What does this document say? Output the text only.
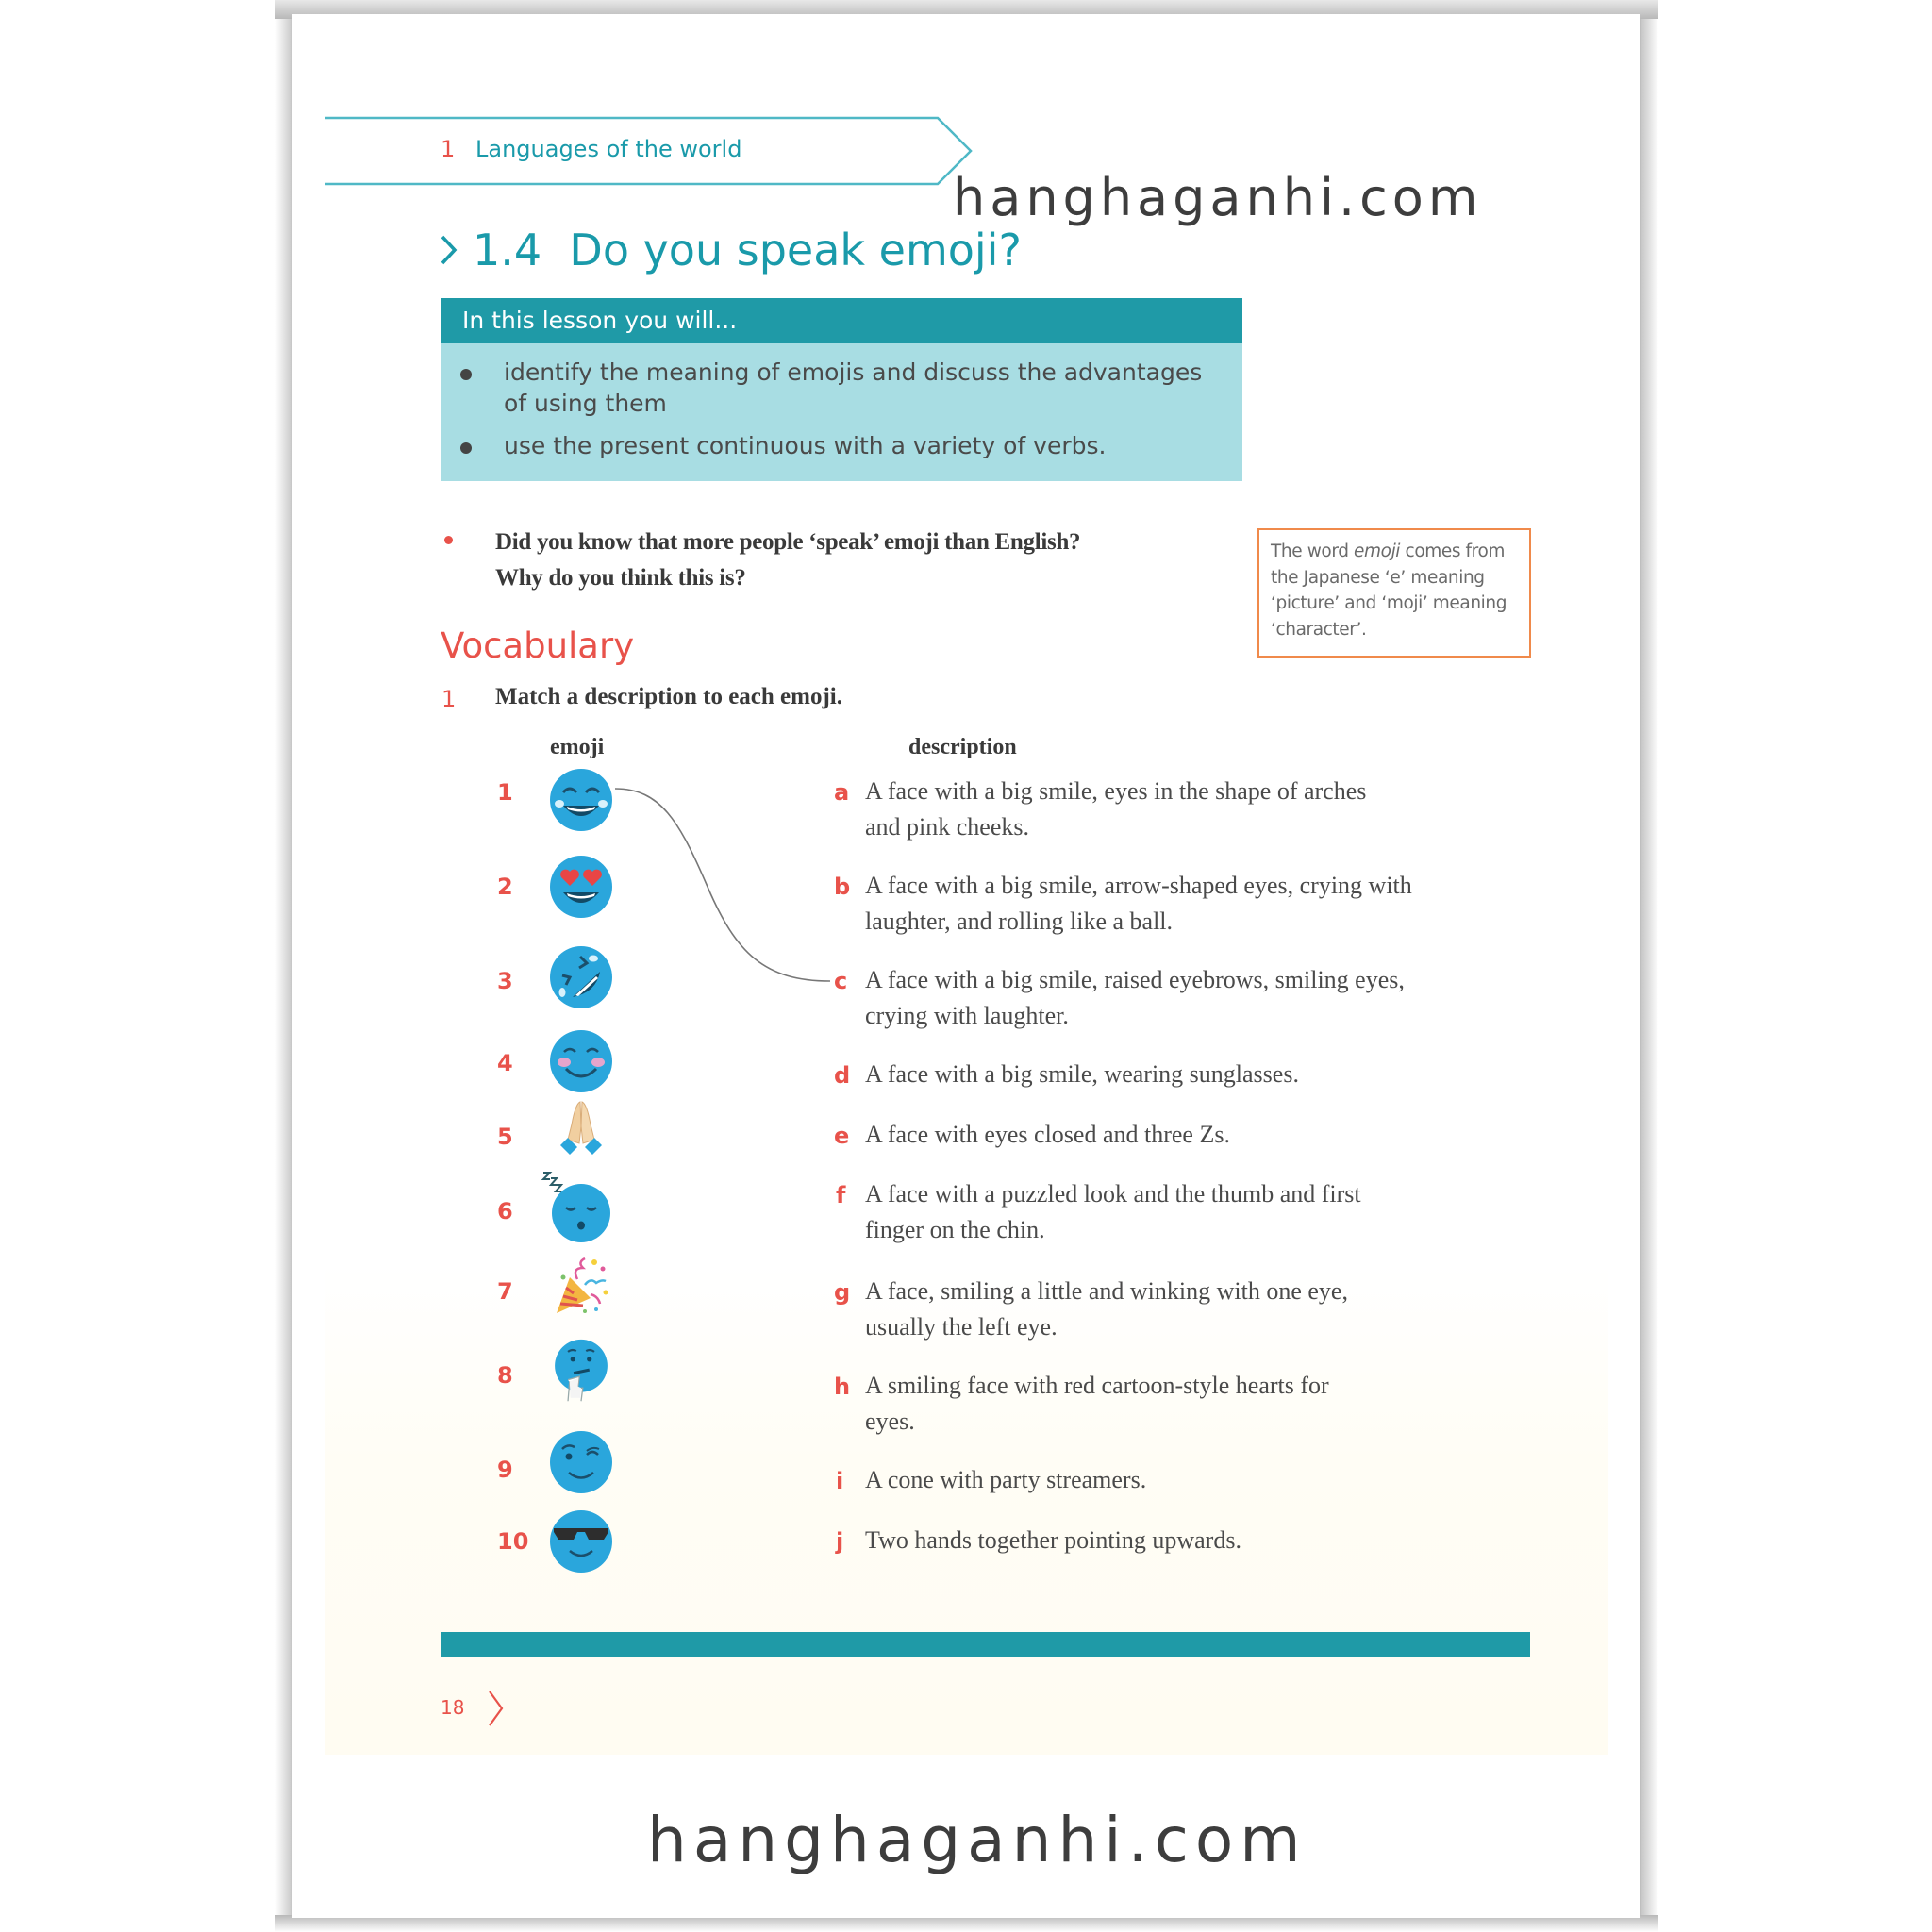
1 Languages of the world
1.4  Do you speak emoji?
In this lesson you will...
identify the meaning of emojis and discuss the advantages of using them
use the present continuous with a variety of verbs.
Did you know that more people ‘speak’ emoji than English?
Why do you think this is?
The word emoji comes from the Japanese ‘e’ meaning ‘picture’ and ‘moji’ meaning ‘character’.
Vocabulary
1 Match a description to each emoji.
emoji	description
1
2
3
4
5
6
7
8
9
10
a
b
c
d
e
f
g
h
i
j
A face with a big smile, eyes in the shape of arches and pink cheeks.
A face with a big smile, arrow-shaped eyes, crying with laughter, and rolling like a ball.
A face with a big smile, raised eyebrows, smiling eyes, crying with laughter.
A face with a big smile, wearing sunglasses.
A face with eyes closed and three Zs.
A face with a puzzled look and the thumb and first finger on the chin.
A face, smiling a little and winking with one eye, usually the left eye.
A smiling face with red cartoon-style hearts for eyes.
A cone with party streamers.
Two hands together pointing upwards.
18
hanghaganhi.com
hanghaganhi.com
